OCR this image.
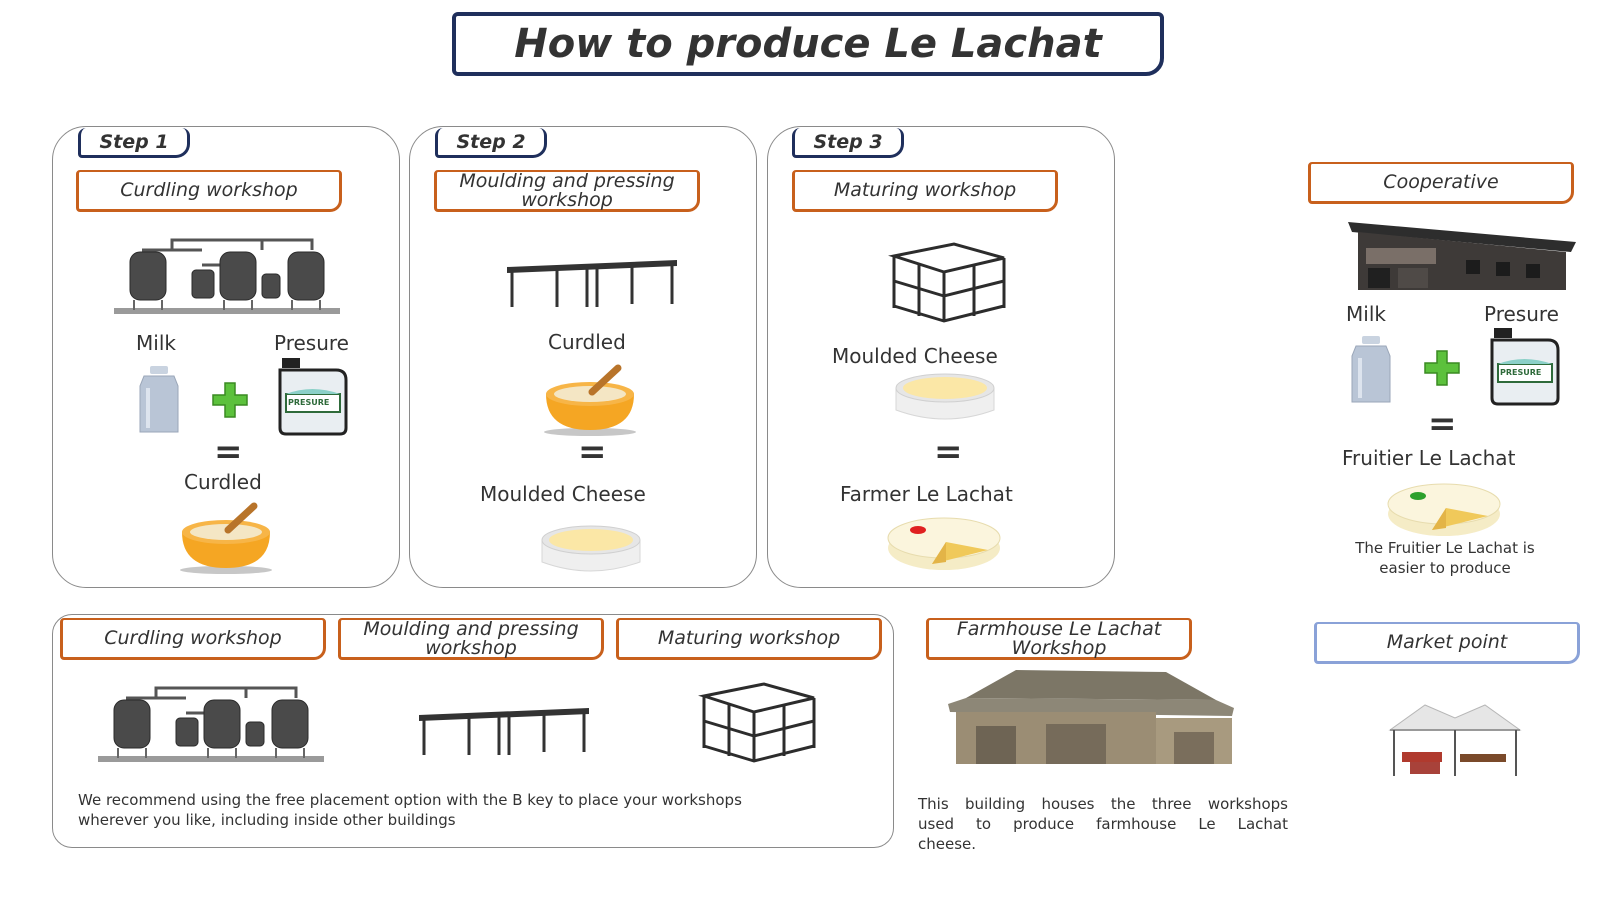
How to produce Le Lachat
Step 1
Curdling workshop
Milk	Presure
PRESURE
=
Curdled
Step 2
Moulding and pressing
workshop
Curdled
=
Moulded Cheese
Step 3
Maturing workshop
Moulded Cheese
=
Farmer Le Lachat
Cooperative
Milk	Presure
PRESURE
=
Fruitier Le Lachat
The Fruitier Le Lachat is
easier to produce
Curdling workshop	Moulding and pressing
workshop	Maturing workshop
We recommend using the free placement option with the B key to place your workshops
wherever you like, including inside other buildings
Farmhouse Le Lachat
Workshop
This building houses the three workshops
used to produce farmhouse Le Lachat
cheese.
Market point
